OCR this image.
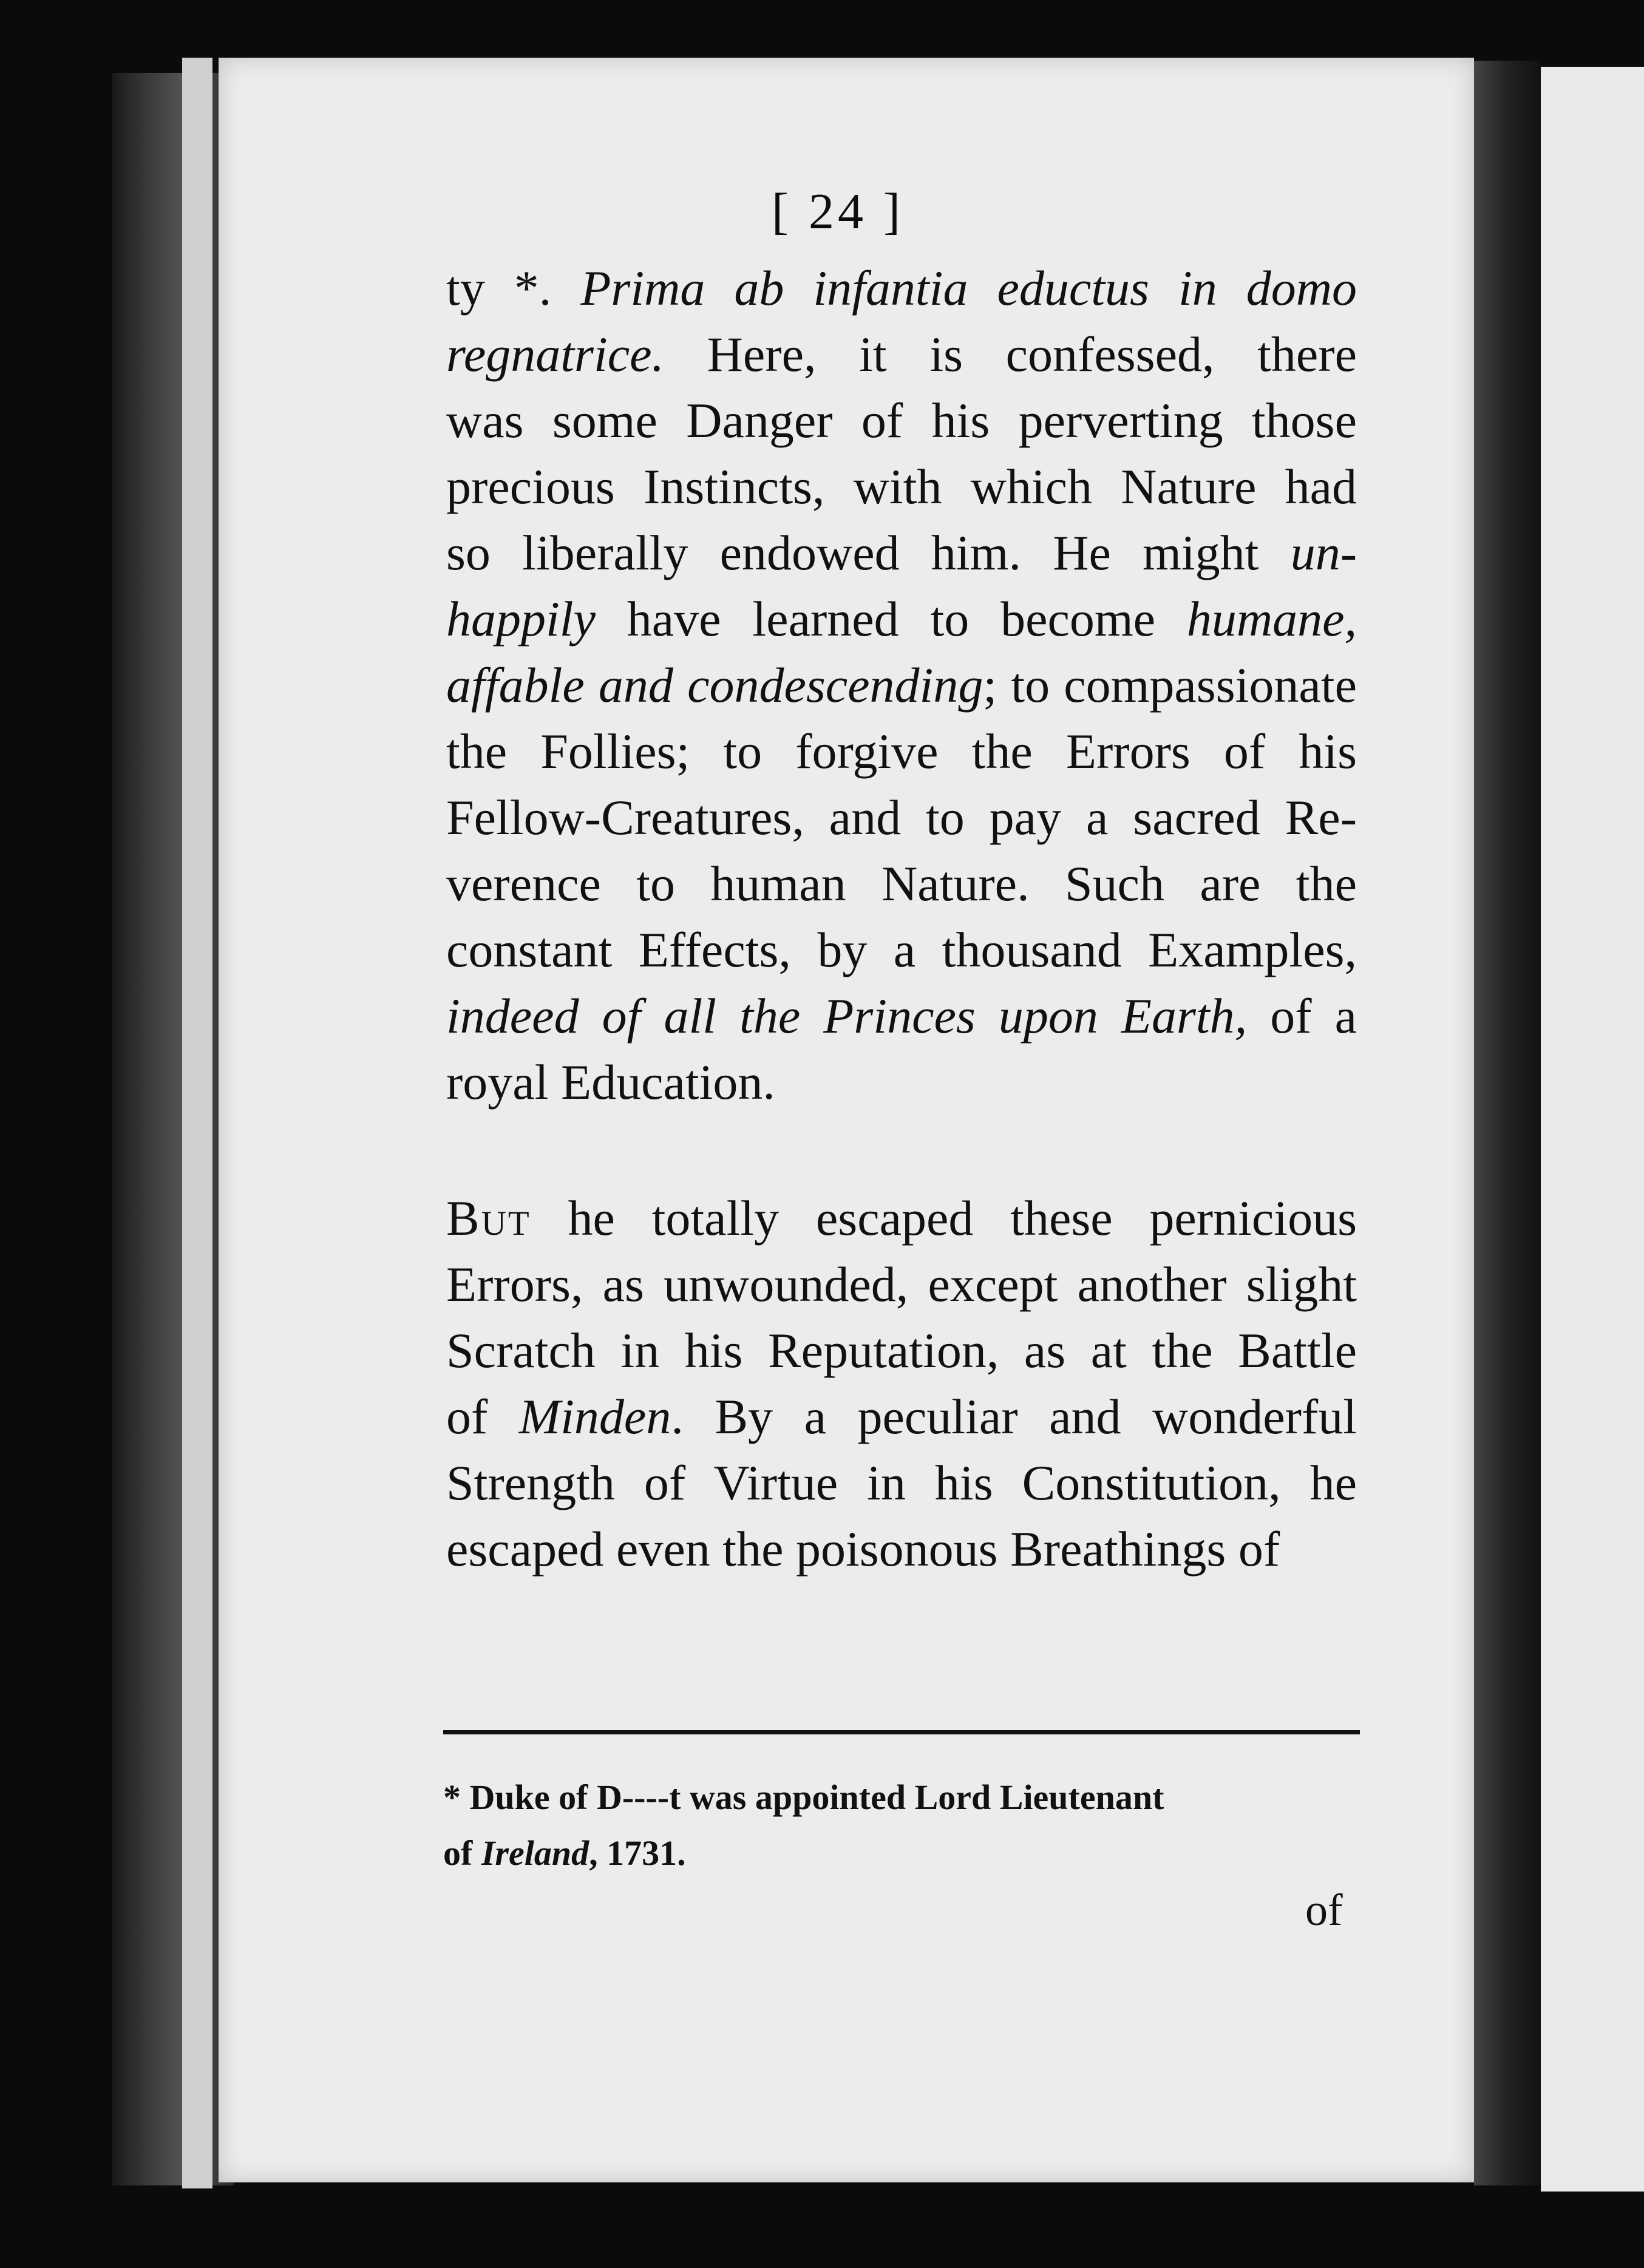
[ 24 ]
ty *. Prima ab infantia eductus in domo
regnatrice. Here, it is confessed, there
was some Danger of his perverting those
precious Instincts, with which Nature had
so liberally endowed him. He might un-
happily have learned to become humane,
affable and condescending; to compassionate
the Follies; to forgive the Errors of his
Fellow-Creatures, and to pay a sacred Re-
verence to human Nature. Such are the
constant Effects, by a thousand Examples,
indeed of all the Princes upon Earth, of a
royal Education.
But he totally escaped these pernicious
Errors, as unwounded, except another slight
Scratch in his Reputation, as at the Battle
of Minden. By a peculiar and wonderful
Strength of Virtue in his Constitution, he
escaped even the poisonous Breathings of
* Duke of D----t was appointed Lord Lieutenant
of Ireland, 1731.
of
